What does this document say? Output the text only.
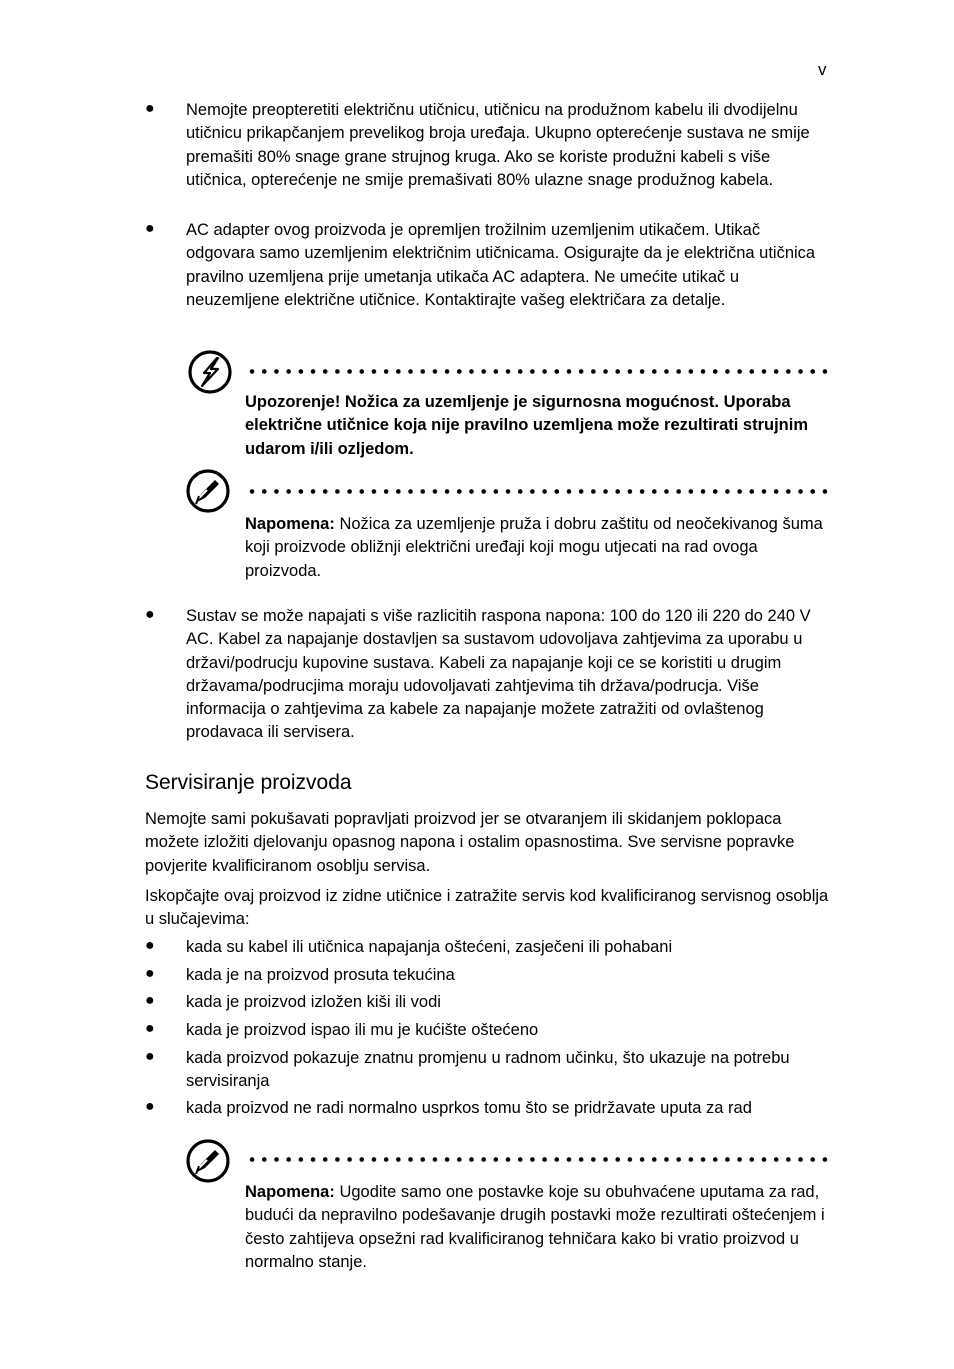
v
● Nemojte preopteretiti električnu utičnicu, utičnicu na produžnom kabelu ili dvodijelnu utičnicu prikapčanjem prevelikog broja uređaja. Ukupno opterećenje sustava ne smije premašiti 80% snage grane strujnog kruga. Ako se koriste produžni kabeli s više utičnica, opterećenje ne smije premašivati 80% ulazne snage produžnog kabela.
● AC adapter ovog proizvoda je opremljen trožilnim uzemljenim utikačem. Utikač odgovara samo uzemljenim električnim utičnicama. Osigurajte da je električna utičnica pravilno uzemljena prije umetanja utikača AC adaptera. Ne umećite utikač u neuzemljene električne utičnice. Kontaktirajte vašeg električara za detalje.
Upozorenje! Nožica za uzemljenje je sigurnosna mogućnost. Uporaba električne utičnice koja nije pravilno uzemljena može rezultirati strujnim udarom i/ili ozljedom.
Napomena: Nožica za uzemljenje pruža i dobru zaštitu od neočekivanog šuma koji proizvode obližnji električni uređaji koji mogu utjecati na rad ovoga proizvoda.
● Sustav se može napajati s više razlicitih raspona napona: 100 do 120 ili 220 do 240 V AC. Kabel za napajanje dostavljen sa sustavom udovoljava zahtjevima za uporabu u državi/podrucju kupovine sustava. Kabeli za napajanje koji ce se koristiti u drugim državama/podrucjima moraju udovoljavati zahtjevima tih država/podrucja. Više informacija o zahtjevima za kabele za napajanje možete zatražiti od ovlaštenog prodavaca ili servisera.
Servisiranje proizvoda
Nemojte sami pokušavati popravljati proizvod jer se otvaranjem ili skidanjem poklopaca možete izložiti djelovanju opasnog napona i ostalim opasnostima. Sve servisne popravke povjerite kvalificiranom osoblju servisa.
Iskopčajte ovaj proizvod iz zidne utičnice i zatražite servis kod kvalificiranog servisnog osoblja u slučajevima:
● kada su kabel ili utičnica napajanja oštećeni, zasječeni ili pohabani
● kada je na proizvod prosuta tekućina
● kada je proizvod izložen kiši ili vodi
● kada je proizvod ispao ili mu je kućište oštećeno
● kada proizvod pokazuje znatnu promjenu u radnom učinku, što ukazuje na potrebu servisiranja
● kada proizvod ne radi normalno usprkos tomu što se pridržavate uputa za rad
Napomena: Ugodite samo one postavke koje su obuhvaćene uputama za rad, budući da nepravilno podešavanje drugih postavki može rezultirati oštećenjem i često zahtijeva opsežni rad kvalificiranog tehničara kako bi vratio proizvod u normalno stanje.
